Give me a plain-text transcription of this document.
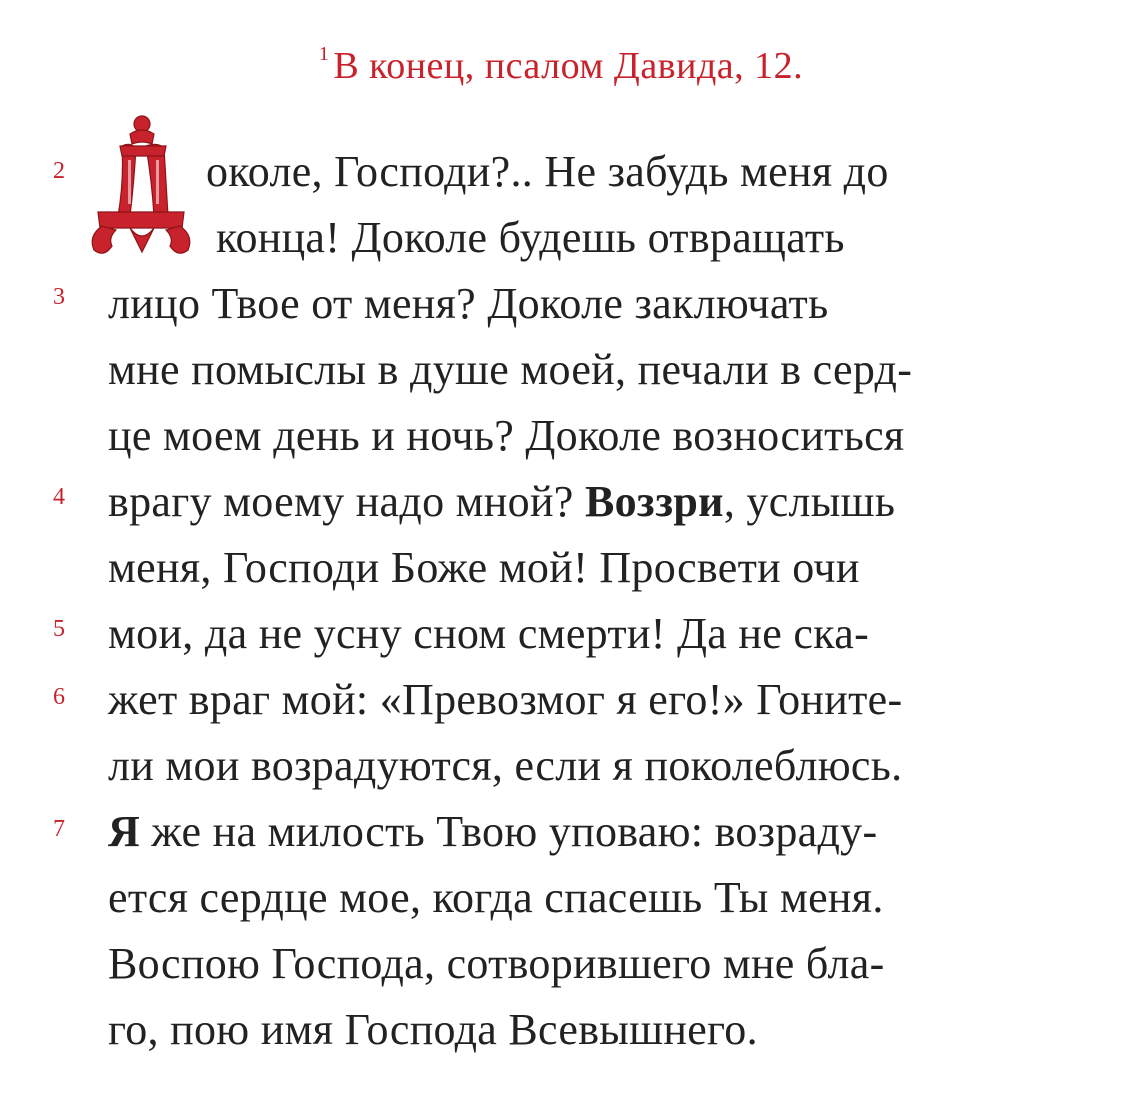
$^1$ В конец, псалом Давида, 12.
2
3
4
5
6
7
околе, Господи?.. Не забудь меня до
конца! Доколе будешь отвращать
лицо Твое от меня? Доколе заключать
мне помыслы в душе моей, печали в серд-
це моем день и ночь? Доколе возноситься
врагу моему надо мной? Воззри, услышь
меня, Господи Боже мой! Просвети очи
мои, да не усну сном смерти! Да не ска-
жет враг мой: «Превозмог я его!» Гоните-
ли мои возрадуются, если я поколеблюсь.
Я же на милость Твою уповаю: возраду-
ется сердце мое, когда спасешь Ты меня.
Воспою Господа, сотворившего мне бла-
го, пою имя Господа Всевышнего.
